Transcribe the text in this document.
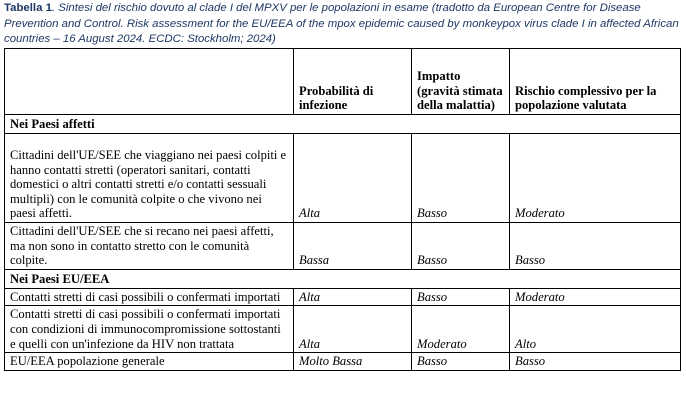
Tabella 1. Sintesi del rischio dovuto al clade I del MPXV per le popolazioni in esame (tradotto da European Centre for Disease Prevention and Control. Risk assessment for the EU/EEA of the mpox epidemic caused by monkeypox virus clade I in affected African countries – 16 August 2024. ECDC: Stockholm; 2024)
	Probabilità di infezione	Impatto (gravità stimata della malattia)	Rischio complessivo per la popolazione valutata
Nei Paesi affetti			
Cittadini dell'UE/SEE che viaggiano nei paesi colpiti e hanno contatti stretti (operatori sanitari, contatti domestici o altri contatti stretti e/o contatti sessuali multipli) con le comunità colpite o che vivono nei paesi affetti.	Alta	Basso	Moderato
Cittadini dell'UE/SEE che si recano nei paesi affetti, ma non sono in contatto stretto con le comunità colpite.	Bassa	Basso	Basso
Nei Paesi EU/EEA			
Contatti stretti di casi possibili o confermati importati	Alta	Basso	Moderato
Contatti stretti di casi possibili o confermati importati con condizioni di immunocompromissione sottostanti e quelli con un'infezione da HIV non trattata	Alta	Moderato	Alto
EU/EEA popolazione generale	Molto Bassa	Basso	Basso
